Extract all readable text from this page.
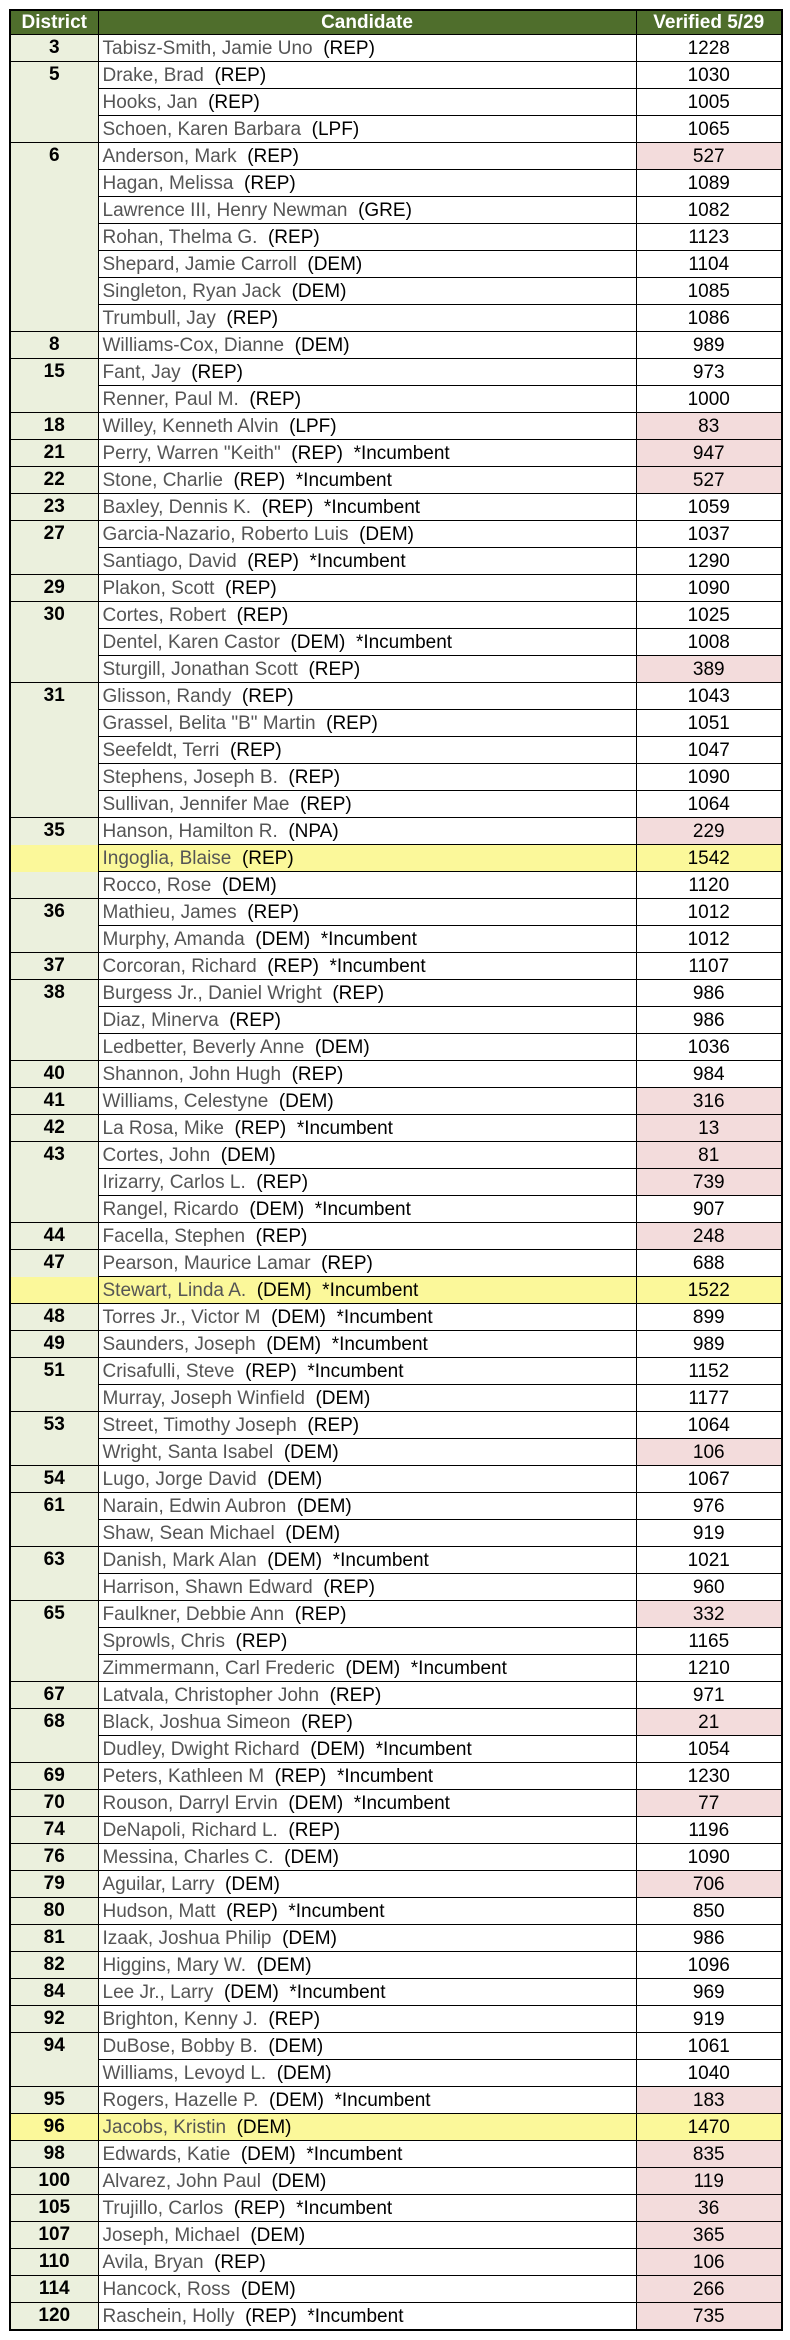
District	Candidate	Verified 5/29
3	Tabisz-Smith, Jamie Uno (REP)	1228
5	Drake, Brad (REP)	1030
	Hooks, Jan (REP)	1005
	Schoen, Karen Barbara (LPF)	1065
6	Anderson, Mark (REP)	527
	Hagan, Melissa (REP)	1089
	Lawrence III, Henry Newman (GRE)	1082
	Rohan, Thelma G. (REP)	1123
	Shepard, Jamie Carroll (DEM)	1104
	Singleton, Ryan Jack (DEM)	1085
	Trumbull, Jay (REP)	1086
8	Williams-Cox, Dianne (DEM)	989
15	Fant, Jay (REP)	973
	Renner, Paul M. (REP)	1000
18	Willey, Kenneth Alvin (LPF)	83
21	Perry, Warren "Keith" (REP) *Incumbent	947
22	Stone, Charlie (REP) *Incumbent	527
23	Baxley, Dennis K. (REP) *Incumbent	1059
27	Garcia-Nazario, Roberto Luis (DEM)	1037
	Santiago, David (REP) *Incumbent	1290
29	Plakon, Scott (REP)	1090
30	Cortes, Robert (REP)	1025
	Dentel, Karen Castor (DEM) *Incumbent	1008
	Sturgill, Jonathan Scott (REP)	389
31	Glisson, Randy (REP)	1043
	Grassel, Belita "B" Martin (REP)	1051
	Seefeldt, Terri (REP)	1047
	Stephens, Joseph B. (REP)	1090
	Sullivan, Jennifer Mae (REP)	1064
35	Hanson, Hamilton R. (NPA)	229
	Ingoglia, Blaise (REP)	1542
	Rocco, Rose (DEM)	1120
36	Mathieu, James (REP)	1012
	Murphy, Amanda (DEM) *Incumbent	1012
37	Corcoran, Richard (REP) *Incumbent	1107
38	Burgess Jr., Daniel Wright (REP)	986
	Diaz, Minerva (REP)	986
	Ledbetter, Beverly Anne (DEM)	1036
40	Shannon, John Hugh (REP)	984
41	Williams, Celestyne (DEM)	316
42	La Rosa, Mike (REP) *Incumbent	13
43	Cortes, John (DEM)	81
	Irizarry, Carlos L. (REP)	739
	Rangel, Ricardo (DEM) *Incumbent	907
44	Facella, Stephen (REP)	248
47	Pearson, Maurice Lamar (REP)	688
	Stewart, Linda A. (DEM) *Incumbent	1522
48	Torres Jr., Victor M (DEM) *Incumbent	899
49	Saunders, Joseph (DEM) *Incumbent	989
51	Crisafulli, Steve (REP) *Incumbent	1152
	Murray, Joseph Winfield (DEM)	1177
53	Street, Timothy Joseph (REP)	1064
	Wright, Santa Isabel (DEM)	106
54	Lugo, Jorge David (DEM)	1067
61	Narain, Edwin Aubron (DEM)	976
	Shaw, Sean Michael (DEM)	919
63	Danish, Mark Alan (DEM) *Incumbent	1021
	Harrison, Shawn Edward (REP)	960
65	Faulkner, Debbie Ann (REP)	332
	Sprowls, Chris (REP)	1165
	Zimmermann, Carl Frederic (DEM) *Incumbent	1210
67	Latvala, Christopher John (REP)	971
68	Black, Joshua Simeon (REP)	21
	Dudley, Dwight Richard (DEM) *Incumbent	1054
69	Peters, Kathleen M (REP) *Incumbent	1230
70	Rouson, Darryl Ervin (DEM) *Incumbent	77
74	DeNapoli, Richard L. (REP)	1196
76	Messina, Charles C. (DEM)	1090
79	Aguilar, Larry (DEM)	706
80	Hudson, Matt (REP) *Incumbent	850
81	Izaak, Joshua Philip (DEM)	986
82	Higgins, Mary W. (DEM)	1096
84	Lee Jr., Larry (DEM) *Incumbent	969
92	Brighton, Kenny J. (REP)	919
94	DuBose, Bobby B. (DEM)	1061
	Williams, Levoyd L. (DEM)	1040
95	Rogers, Hazelle P. (DEM) *Incumbent	183
96	Jacobs, Kristin (DEM)	1470
98	Edwards, Katie (DEM) *Incumbent	835
100	Alvarez, John Paul (DEM)	119
105	Trujillo, Carlos (REP) *Incumbent	36
107	Joseph, Michael (DEM)	365
110	Avila, Bryan (REP)	106
114	Hancock, Ross (DEM)	266
120	Raschein, Holly (REP) *Incumbent	735
